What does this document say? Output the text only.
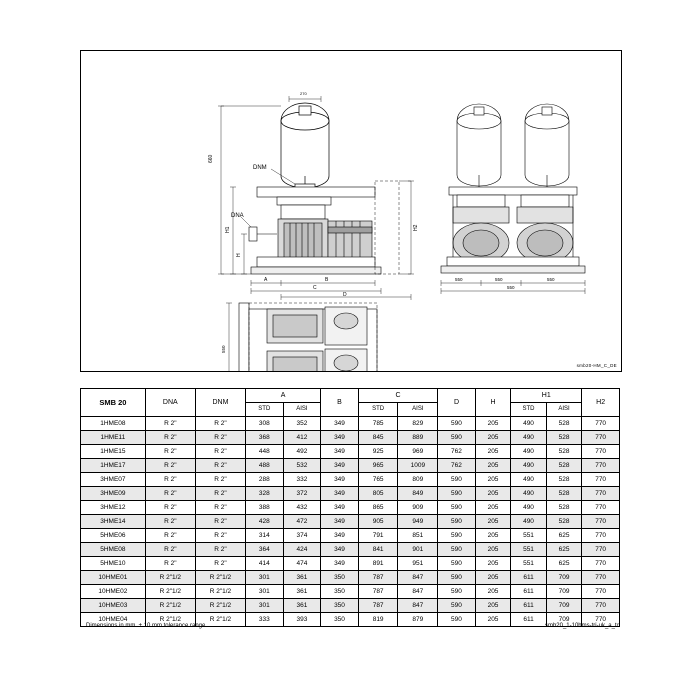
270
DNM
DNA
660
H1
H
H2
A	B
C
D
550	550	550
550
550
smb20-HM_C_DE
SMB 20	DNA	DNM	A		B	C		D	H	H1		H2
			STD	AISI		STD	AISI			STD	AISI	
1HME08	R 2"	R 2"	308	352	349	785	829	590	205	490	528	770
1HME11	R 2"	R 2"	368	412	349	845	889	590	205	490	528	770
1HME15	R 2"	R 2"	448	492	349	925	969	762	205	490	528	770
1HME17	R 2"	R 2"	488	532	349	965	1009	762	205	490	528	770
3HME07	R 2"	R 2"	288	332	349	765	809	590	205	490	528	770
3HME09	R 2"	R 2"	328	372	349	805	849	590	205	490	528	770
3HME12	R 2"	R 2"	388	432	349	865	909	590	205	490	528	770
3HME14	R 2"	R 2"	428	472	349	905	949	590	205	490	528	770
5HME06	R 2"	R 2"	314	374	349	791	851	590	205	551	625	770
5HME08	R 2"	R 2"	364	424	349	841	901	590	205	551	625	770
5HME10	R 2"	R 2"	414	474	349	891	951	590	205	551	625	770
10HME01	R 2"1/2	R 2"1/2	301	361	350	787	847	590	205	611	709	770
10HME02	R 2"1/2	R 2"1/2	301	361	350	787	847	590	205	611	709	770
10HME03	R 2"1/2	R 2"1/2	301	361	350	787	847	590	205	611	709	770
10HME04	R 2"1/2	R 2"1/2	333	393	350	819	879	590	205	611	709	770
Dimensions in mm. ± 10 mm tolerance range.	smb20_1-10hms-tri-uk_a_td
